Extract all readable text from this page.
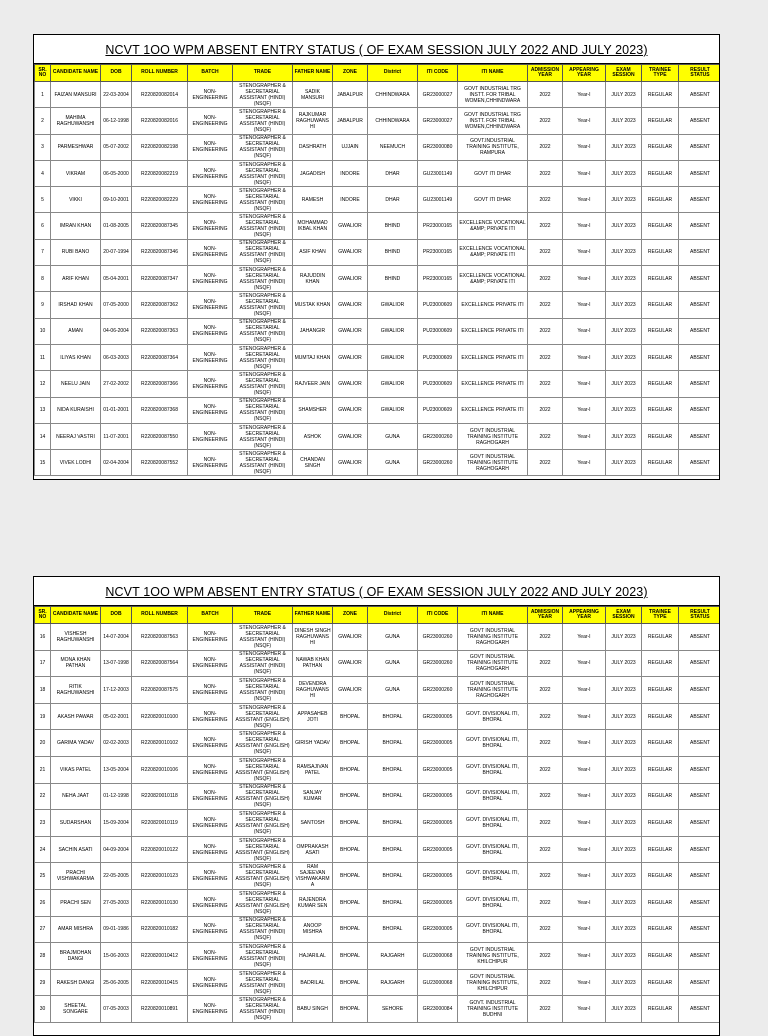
NCVT 1OO WPM ABSENT ENTRY STATUS ( OF EXAM SESSION JULY 2022 AND JULY 2023)
SR. NO	CANDIDATE NAME	DOB	ROLL NUMBER	BATCH	TRADE	FATHER NAME	ZONE	District	ITI CODE	ITI NAME	ADMISSION YEAR	APPEARING YEAR	EXAM SESSION	TRAINEE TYPE	RESULT STATUS
1	FAIZAN MANSURI	22-03-2004	R220820082014	NON-ENGINEERING	STENOGRAPHER & SECRETARIAL ASSISTANT (HINDI) (NSQF)	SADIK MANSURI	JABALPUR	CHHINDWARA	GR23000027	GOVT INDUSTRIAL TRG INSTT. FOR TRIBAL WOMEN,CHHINDWARA	2022	Year-I	JULY 2023	REGULAR	ABSENT
2	MAHIMA RAGHUWANSHI	06-12-1998	R220820082016	NON-ENGINEERING	STENOGRAPHER & SECRETARIAL ASSISTANT (HINDI) (NSQF)	RAJKUMAR RAGHUWANS HI	JABALPUR	CHHINDWARA	GR23000027	GOVT INDUSTRIAL TRG INSTT. FOR TRIBAL WOMEN,CHHINDWARA	2022	Year-I	JULY 2023	REGULAR	ABSENT
3	PARMESHWAR	05-07-2002	R220820082198	NON-ENGINEERING	STENOGRAPHER & SECRETARIAL ASSISTANT (HINDI) (NSQF)	DASHRATH	UJJAIN	NEEMUCH	GR23000080	GOVT.INDUSTRIAL TRAINING INSTITUTE, RAMPURA	2022	Year-I	JULY 2023	REGULAR	ABSENT
4	VIKRAM	06-05-2000	R220820082219	NON-ENGINEERING	STENOGRAPHER & SECRETARIAL ASSISTANT (HINDI) (NSQF)	JAGADISH	INDORE	DHAR	GU23001149	GOVT ITI DHAR	2022	Year-I	JULY 2023	REGULAR	ABSENT
5	VIKKI	09-10-2001	R220820082229	NON-ENGINEERING	STENOGRAPHER & SECRETARIAL ASSISTANT (HINDI) (NSQF)	RAMESH	INDORE	DHAR	GU23001149	GOVT ITI DHAR	2022	Year-I	JULY 2023	REGULAR	ABSENT
6	IMRAN KHAN	01-08-2005	R220820087345	NON-ENGINEERING	STENOGRAPHER & SECRETARIAL ASSISTANT (HINDI) (NSQF)	MOHAMMAD IKBAL KHAN	GWALIOR	BHIND	PR23000165	EXCELLENCE VOCATIONAL &AMP; PRIVATE ITI	2022	Year-I	JULY 2023	REGULAR	ABSENT
7	RUBI BANO	20-07-1994	R220820087346	NON-ENGINEERING	STENOGRAPHER & SECRETARIAL ASSISTANT (HINDI) (NSQF)	ASIF KHAN	GWALIOR	BHIND	PR23000165	EXCELLENCE VOCATIONAL &AMP; PRIVATE ITI	2022	Year-I	JULY 2023	REGULAR	ABSENT
8	ARIF KHAN	05-04-2001	R220820087347	NON-ENGINEERING	STENOGRAPHER & SECRETARIAL ASSISTANT (HINDI) (NSQF)	RAJUDDIN KHAN	GWALIOR	BHIND	PR23000165	EXCELLENCE VOCATIONAL &AMP; PRIVATE ITI	2022	Year-I	JULY 2023	REGULAR	ABSENT
9	IRSHAD KHAN	07-05-2000	R220820087362	NON-ENGINEERING	STENOGRAPHER & SECRETARIAL ASSISTANT (HINDI) (NSQF)	MUSTAK KHAN	GWALIOR	GWALIOR	PU23000609	EXCELLENCE PRIVATE ITI	2022	Year-I	JULY 2023	REGULAR	ABSENT
10	AMAN	04-06-2004	R220820087363	NON-ENGINEERING	STENOGRAPHER & SECRETARIAL ASSISTANT (HINDI) (NSQF)	JAHANGIR	GWALIOR	GWALIOR	PU23000609	EXCELLENCE PRIVATE ITI	2022	Year-I	JULY 2023	REGULAR	ABSENT
11	ILIYAS KHAN	06-03-2003	R220820087364	NON-ENGINEERING	STENOGRAPHER & SECRETARIAL ASSISTANT (HINDI) (NSQF)	MUMTAJ KHAN	GWALIOR	GWALIOR	PU23000609	EXCELLENCE PRIVATE ITI	2022	Year-I	JULY 2023	REGULAR	ABSENT
12	NEELU JAIN	27-02-2002	R220820087366	NON-ENGINEERING	STENOGRAPHER & SECRETARIAL ASSISTANT (HINDI) (NSQF)	RAJVEER JAIN	GWALIOR	GWALIOR	PU23000609	EXCELLENCE PRIVATE ITI	2022	Year-I	JULY 2023	REGULAR	ABSENT
13	NIDA KURAISHI	01-01-2001	R220820087368	NON-ENGINEERING	STENOGRAPHER & SECRETARIAL ASSISTANT (HINDI) (NSQF)	SHAMSHER	GWALIOR	GWALIOR	PU23000609	EXCELLENCE PRIVATE ITI	2022	Year-I	JULY 2023	REGULAR	ABSENT
14	NEERAJ VASTRI	11-07-2001	R220820087550	NON-ENGINEERING	STENOGRAPHER & SECRETARIAL ASSISTANT (HINDI) (NSQF)	ASHOK	GWALIOR	GUNA	GR23000260	GOVT INDUSTRIAL TRAINING INSTITUTE RAGHOGARH	2022	Year-I	JULY 2023	REGULAR	ABSENT
15	VIVEK LODHI	02-04-2004	R220820087552	NON-ENGINEERING	STENOGRAPHER & SECRETARIAL ASSISTANT (HINDI) (NSQF)	CHANDAN SINGH	GWALIOR	GUNA	GR23000260	GOVT INDUSTRIAL TRAINING INSTITUTE RAGHOGARH	2022	Year-I	JULY 2023	REGULAR	ABSENT
NCVT 1OO WPM ABSENT ENTRY STATUS ( OF EXAM SESSION JULY 2022 AND JULY 2023)
SR. NO	CANDIDATE NAME	DOB	ROLL NUMBER	BATCH	TRADE	FATHER NAME	ZONE	District	ITI CODE	ITI NAME	ADMISSION YEAR	APPEARING YEAR	EXAM SESSION	TRAINEE TYPE	RESULT STATUS
16	VISHESH RAGHUWANSHI	14-07-2004	R220820087563	NON-ENGINEERING	STENOGRAPHER & SECRETARIAL ASSISTANT (HINDI) (NSQF)	DINESH SINGH RAGHUWANS HI	GWALIOR	GUNA	GR23000260	GOVT INDUSTRIAL TRAINING INSTITUTE RAGHOGARH	2022	Year-I	JULY 2023	REGULAR	ABSENT
17	MONA KHAN PATHAN	13-07-1998	R220820087564	NON-ENGINEERING	STENOGRAPHER & SECRETARIAL ASSISTANT (HINDI) (NSQF)	NAWAB KHAN PATHAN	GWALIOR	GUNA	GR23000260	GOVT INDUSTRIAL TRAINING INSTITUTE RAGHOGARH	2022	Year-I	JULY 2023	REGULAR	ABSENT
18	RITIK RAGHUWANSHI	17-12-2003	R220820087575	NON-ENGINEERING	STENOGRAPHER & SECRETARIAL ASSISTANT (HINDI) (NSQF)	DEVENDRA RAGHUWANS HI	GWALIOR	GUNA	GR23000260	GOVT INDUSTRIAL TRAINING INSTITUTE RAGHOGARH	2022	Year-I	JULY 2023	REGULAR	ABSENT
19	AKASH PAWAR	05-02-2001	R220820010100	NON-ENGINEERING	STENOGRAPHER & SECRETARIAL ASSISTANT (ENGLISH) (NSQF)	APPASAHEB JOTI	BHOPAL	BHOPAL	GR23000005	GOVT. DIVISIONAL ITI, BHOPAL	2022	Year-I	JULY 2023	REGULAR	ABSENT
20	GARIMA YADAV	02-02-2003	R220820010102	NON-ENGINEERING	STENOGRAPHER & SECRETARIAL ASSISTANT (ENGLISH) (NSQF)	GIRISH YADAV	BHOPAL	BHOPAL	GR23000005	GOVT. DIVISIONAL ITI, BHOPAL	2022	Year-I	JULY 2023	REGULAR	ABSENT
21	VIKAS PATEL	13-05-2004	R220820010106	NON-ENGINEERING	STENOGRAPHER & SECRETARIAL ASSISTANT (ENGLISH) (NSQF)	RAMSAJIVAN PATEL	BHOPAL	BHOPAL	GR23000005	GOVT. DIVISIONAL ITI, BHOPAL	2022	Year-I	JULY 2023	REGULAR	ABSENT
22	NEHA JAAT	01-12-1998	R220820010118	NON-ENGINEERING	STENOGRAPHER & SECRETARIAL ASSISTANT (ENGLISH) (NSQF)	SANJAY KUMAR	BHOPAL	BHOPAL	GR23000005	GOVT. DIVISIONAL ITI, BHOPAL	2022	Year-I	JULY 2023	REGULAR	ABSENT
23	SUDARSHAN	15-09-2004	R220820010119	NON-ENGINEERING	STENOGRAPHER & SECRETARIAL ASSISTANT (ENGLISH) (NSQF)	SANTOSH	BHOPAL	BHOPAL	GR23000005	GOVT. DIVISIONAL ITI, BHOPAL	2022	Year-I	JULY 2023	REGULAR	ABSENT
24	SACHIN ASATI	04-09-2004	R220820010122	NON-ENGINEERING	STENOGRAPHER & SECRETARIAL ASSISTANT (ENGLISH) (NSQF)	OMPRAKASH ASATI	BHOPAL	BHOPAL	GR23000005	GOVT. DIVISIONAL ITI, BHOPAL	2022	Year-I	JULY 2023	REGULAR	ABSENT
25	PRACHI VISHWAKARMA	22-05-2005	R220820010123	NON-ENGINEERING	STENOGRAPHER & SECRETARIAL ASSISTANT (ENGLISH) (NSQF)	RAM SAJEEVAN VISHWAKARM A	BHOPAL	BHOPAL	GR23000005	GOVT. DIVISIONAL ITI, BHOPAL	2022	Year-I	JULY 2023	REGULAR	ABSENT
26	PRACHI SEN	27-05-2003	R220820010130	NON-ENGINEERING	STENOGRAPHER & SECRETARIAL ASSISTANT (ENGLISH) (NSQF)	RAJENDRA KUMAR SEN	BHOPAL	BHOPAL	GR23000005	GOVT. DIVISIONAL ITI, BHOPAL	2022	Year-I	JULY 2023	REGULAR	ABSENT
27	AMAR MISHRA	09-01-1986	R220820010182	NON-ENGINEERING	STENOGRAPHER & SECRETARIAL ASSISTANT (HINDI) (NSQF)	ANOOP MISHRA	BHOPAL	BHOPAL	GR23000005	GOVT. DIVISIONAL ITI, BHOPAL	2022	Year-I	JULY 2023	REGULAR	ABSENT
28	BRAJMOHAN DANGI	15-06-2003	R220820010412	NON-ENGINEERING	STENOGRAPHER & SECRETARIAL ASSISTANT (HINDI) (NSQF)	HAJARILAL	BHOPAL	RAJGARH	GU23000068	GOVT INDUSTRIAL TRAINING INSTITUTE, KHILCHIPUR	2022	Year-I	JULY 2023	REGULAR	ABSENT
29	RAKESH DANGI	25-06-2005	R220820010415	NON-ENGINEERING	STENOGRAPHER & SECRETARIAL ASSISTANT (HINDI) (NSQF)	BADRILAL	BHOPAL	RAJGARH	GU23000068	GOVT INDUSTRIAL TRAINING INSTITUTE, KHILCHIPUR	2022	Year-I	JULY 2023	REGULAR	ABSENT
30	SHEETAL SONGARE	07-05-2003	R220820010891	NON-ENGINEERING	STENOGRAPHER & SECRETARIAL ASSISTANT (HINDI) (NSQF)	BABU SINGH	BHOPAL	SEHORE	GR23000084	GOVT. INDUSTRIAL TRAINING INSTITUTE BUDHNI	2022	Year-I	JULY 2023	REGULAR	ABSENT
